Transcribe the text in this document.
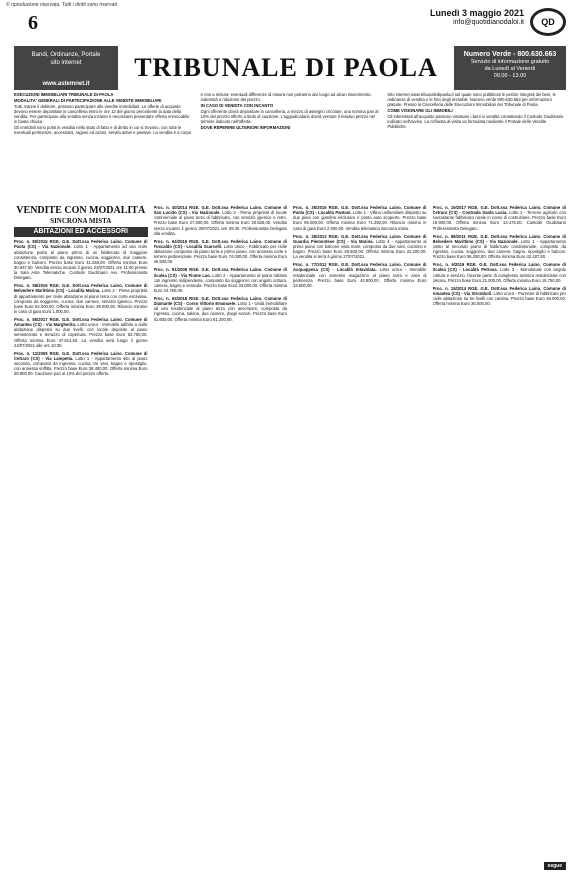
© riproduzione riservata. Tutti i diritti sono riservati
6	Lunedì 3 maggio 2021
info@quotidianodaloi.it QD
Bandi, Ordinanze, Portale
sito internet
www.astemnet.it
TRIBUNALE DI PAOLA	Numero Verde - 800.630.663
Servizio di informazione gratuito
da Lunedì al Venerdì
09.00 - 13.00

ESECUZIONI IMMOBILIARI TRIBUNALE DI PAOLA

MODALITA' GENERALI DI PARTECIPAZIONE ALLE VENDITE IMMOBILIARI

Tutti, tranne il debitore, possono partecipare alle vendite immobiliari. Le offerte di acquisto devono essere depositate in cancelleria entro le ore 12 del giorno precedente la data della vendita. Per partecipare alla vendita senza incanto è necessario presentare offerta irrevocabile in busta chiusa.

Gli immobili sono posti in vendita nello stato di fatto e di diritto in cui si trovano, con tutte le eventuali pertinenze, accessioni, ragioni ed azioni, servitù attive e passive. La vendita è a corpo e non a misura; eventuali differenze di misura non potranno dar luogo ad alcun risarcimento, indennità o riduzione del prezzo.

IN CASO DI VENDITA CON INCANTO

Ogni offerente dovrà depositare in cancelleria, a mezzo di assegno circolare, una somma pari al 10% del prezzo offerto a titolo di cauzione. L'aggiudicatario dovrà versare il residuo prezzo nel termine indicato nell'offerta.

DOVE REPERIRE ULTERIORI INFORMAZIONI

Sito internet www.tribunaledipaola.it sul quale sono pubblicati le perizie integrali dei beni, le ordinanze di vendita e le foto degli immobili. Numero verde 800.630.663 per informazioni gratuite. Presso la Cancelleria delle Esecuzioni Immobiliari del Tribunale di Paola.

COME VISIONARE GLI IMMOBILI

Gli interessati all'acquisto possono visionare i beni in vendita contattando il Custode Giudiziario indicato nell'avviso. La richiesta di visita va formulata mediante il Portale delle Vendite Pubbliche.

VENDITE CON MODALITÀ
SINCRONA MISTA
ABITAZIONI ED ACCESSORI
Proc. n. 80/2015 RGE. G.E. Dott.ssa Federica Laino. Comune di Paola (CS) - Via Nazionale. Lotto 1 - Appartamento ad uso civile abitazione posto al piano primo di un fabbricato di maggiore consistenza, composto da ingresso, cucina, soggiorno, due camere, bagno e balconi. Prezzo base Euro 41.250,00. Offerta minima Euro 30.937,50. Vendita senza incanto il giorno 23/07/2021 ore 11:00 presso la Sala Aste Telematiche. Custode Giudiziario Avv. Professionista Delegato.
Proc. n. 58/2015 RGE. G.E. Dott.ssa Federica Laino. Comune di Belvedere Marittimo (CS) - Località Marina. Lotto 2 - Piena proprietà di appartamento per civile abitazione al piano terra con corte esclusiva, composto da soggiorno, cucina, due camere, servizio igienico. Prezzo base Euro 52.000,00. Offerta minima Euro 39.000,00. Rilancio minimo in caso di gara Euro 1.000,00.
Proc. n. 85/2017 RGE. G.E. Dott.ssa Federica Laino. Comune di Amantea (CS) - Via Margherita. Lotto unico - Immobile adibito a civile abitazione disposto su due livelli, con locale deposito al piano seminterrato e terrazzo di copertura. Prezzo base Euro 63.750,00. Offerta minima Euro 47.812,50. La vendita avrà luogo il giorno 24/07/2021 alle ore 10:30.
Proc. n. 12/2009 RGE. G.E. Dott.ssa Federica Laino. Comune di Cetraro (CS) - Via Lampetia. Lotto 1 - Appartamento sito al piano secondo, composto da ingresso, cucina, tre vani, bagno e ripostiglio, con annessa soffitta. Prezzo base Euro 38.400,00. Offerta minima Euro 28.800,00. Cauzione pari al 10% del prezzo offerto.
Proc. n. 40/2014 RGE. G.E. Dott.ssa Federica Laino. Comune di San Lucido (CS) - Via Nazionale. Lotto 3 - Piena proprietà di locale commerciale al piano terra di fabbricato, con servizio igienico e retro. Prezzo base Euro 27.500,00. Offerta minima Euro 20.625,00. Vendita senza incanto il giorno 30/07/2021 ore 09:30. Professionista Delegato alla vendita.
Proc. n. 64/2016 RGE. G.E. Dott.ssa Federica Laino. Comune di Fuscaldo (CS) - Località Scarcelli. Lotto unico - Fabbricato per civile abitazione composto da piano terra e primo piano, con annessa corte e terreno pertinenziale. Prezzo base Euro 74.000,00. Offerta minima Euro 55.500,00.
Proc. n. 91/2008 RGE. G.E. Dott.ssa Federica Laino. Comune di Scalea (CS) - Via Fiume Lao. Lotto 2 - Appartamento al piano rialzato con ingresso indipendente, composto da soggiorno con angolo cottura, camera, bagno e veranda. Prezzo base Euro 33.000,00. Offerta minima Euro 24.750,00.
Proc. n. 63/2018 RGE. G.E. Dott.ssa Federica Laino. Comune di Diamante (CS) - Corso Vittorio Emanuele. Lotto 1 - Unità immobiliare ad uso residenziale al piano terzo con ascensore, composta da ingresso, cucina, salone, due camere, doppi servizi. Prezzo base Euro 81.600,00. Offerta minima Euro 61.200,00.
Proc. n. 35/2015 RGE. G.E. Dott.ssa Federica Laino. Comune di Paola (CS) - Località Pantani. Lotto 1 - Villino unifamiliare disposto su due piani con giardino esclusivo e posto auto scoperto. Prezzo base Euro 95.000,00. Offerta minima Euro 71.250,00. Rilancio minimo in caso di gara Euro 2.000,00. Vendita telematica sincrona mista.
Proc. n. 28/2013 RGE. G.E. Dott.ssa Federica Laino. Comune di Guardia Piemontese (CS) - Via Marina. Lotto 4 - Appartamento al primo piano con balcone vista mare, composto da due vani, cucinino e bagno. Prezzo base Euro 29.600,00. Offerta minima Euro 22.200,00. La vendita si terrà il giorno 27/07/2021.
Proc. n. 77/2012 RGE. G.E. Dott.ssa Federica Laino. Comune di Acquappesa (CS) - Località Intavolata. Lotto unico - Immobile residenziale con annesso magazzino al piano terra e area di pertinenza. Prezzo base Euro 44.800,00. Offerta minima Euro 33.600,00.
Proc. n. 19/2017 RGE. G.E. Dott.ssa Federica Laino. Comune di Cetraro (CS) - Contrada Santa Lucia. Lotto 2 - Terreno agricolo con sovrastante fabbricato rurale in corso di costruzione. Prezzo base Euro 18.900,00. Offerta minima Euro 14.175,00. Custode Giudiziario Professionista Delegato.
Proc. n. 88/2011 RGE. G.E. Dott.ssa Federica Laino. Comune di Belvedere Marittimo (CS) - Via Nazionale. Lotto 1 - Appartamento posto al secondo piano di fabbricato condominiale, composto da ingresso, cucina, soggiorno, due camere, bagno, ripostiglio e balconi. Prezzo base Euro 56.250,00. Offerta minima Euro 42.187,50.
Proc. n. 9/2019 RGE. G.E. Dott.ssa Federica Laino. Comune di Scalea (CS) - Località Petrosa. Lotto 3 - Monolocale con angolo cottura e servizio, facente parte di complesso turistico residenziale con piscina. Prezzo base Euro 21.000,00. Offerta minima Euro 15.750,00.
Proc. n. 15/2014 RGE. G.E. Dott.ssa Federica Laino. Comune di Amantea (CS) - Via Stromboli. Lotto unico - Porzione di fabbricato per civile abitazione su tre livelli con cantina. Prezzo base Euro 48.000,00. Offerta minima Euro 36.000,00.
segue
